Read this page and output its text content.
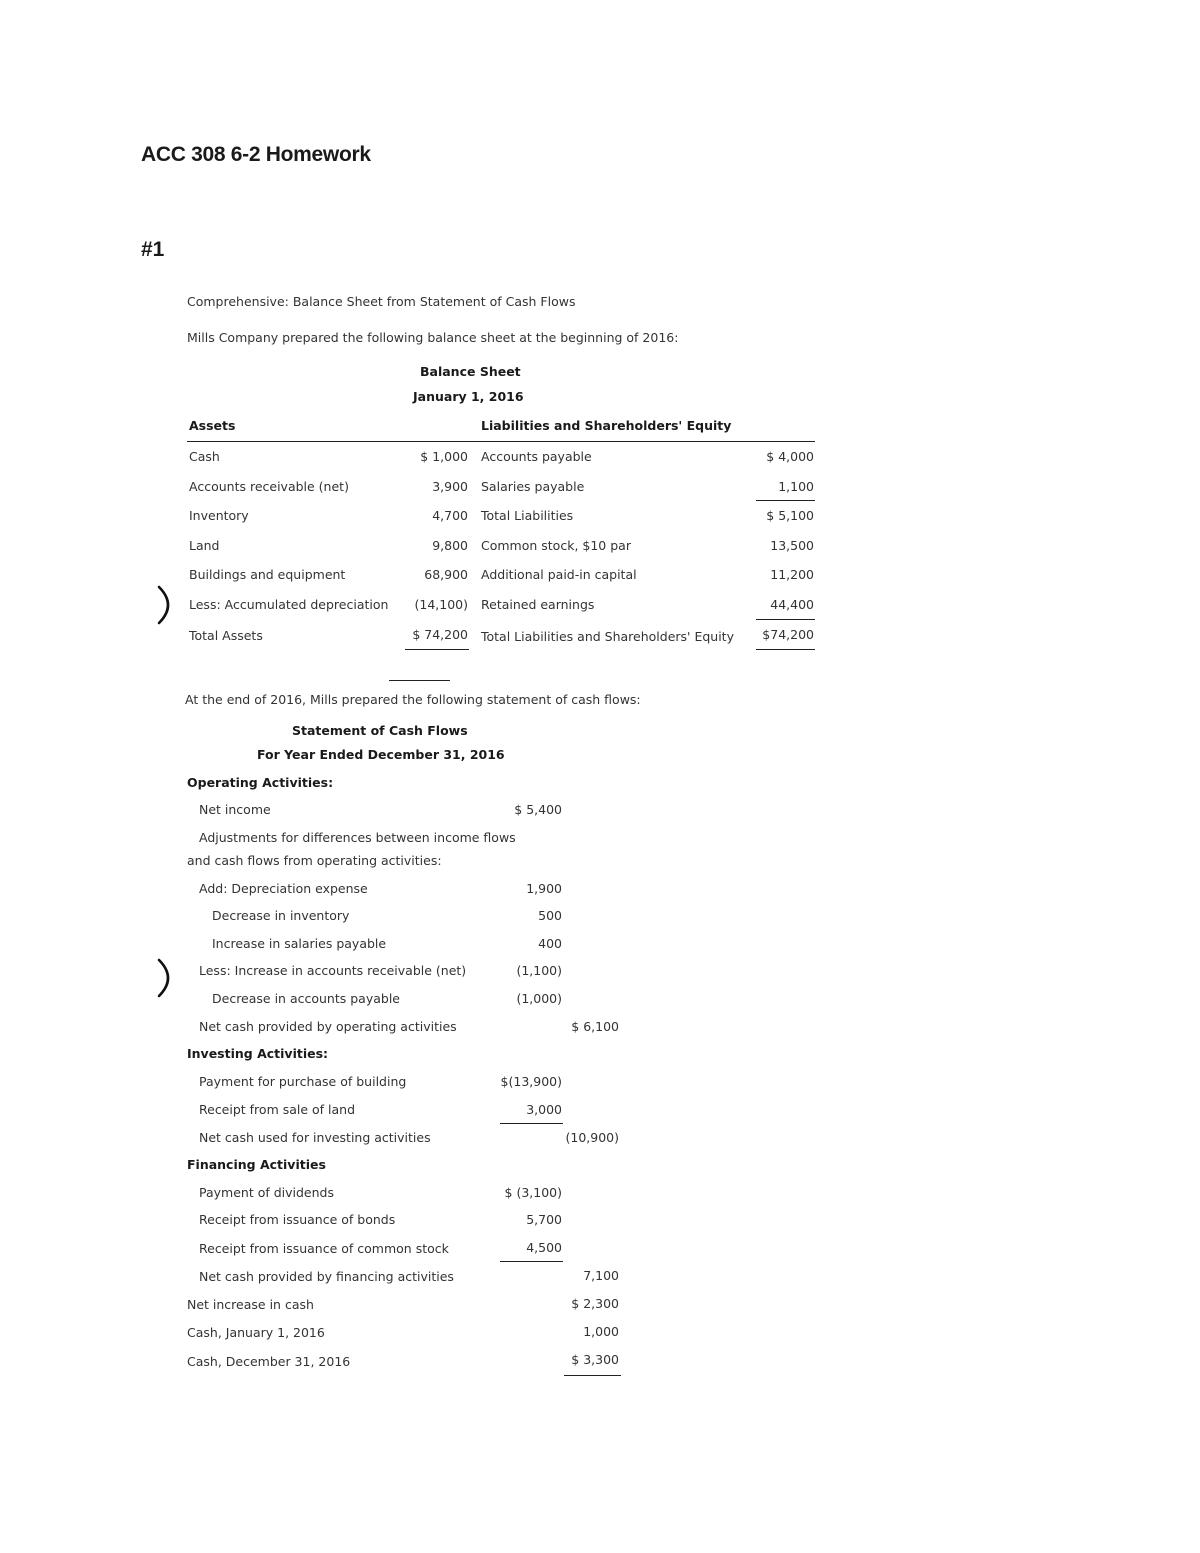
ACC 308 6-2 Homework
#1
Comprehensive: Balance Sheet from Statement of Cash Flows
Mills Company prepared the following balance sheet at the beginning of 2016:
Balance Sheet
January 1, 2016
Assets	Liabilities and Shareholders' Equity
Cash	$ 1,000 Accounts payable	$ 4,000
Accounts receivable (net)	3,900 Salaries payable	1,100
Inventory	4,700 Total Liabilities	$ 5,100
Land	9,800 Common stock, $10 par	13,500
Buildings and equipment	68,900 Additional paid-in capital	11,200
Less: Accumulated depreciation	(14,100) Retained earnings	44,400
Total Assets	$ 74,200 Total Liabilities and Shareholders' Equity	$74,200
At the end of 2016, Mills prepared the following statement of cash flows:
Statement of Cash Flows
For Year Ended December 31, 2016
Operating Activities:
Net income	$ 5,400
Adjustments for differences between income flows
and cash flows from operating activities:
Add: Depreciation expense	1,900
Decrease in inventory	500
Increase in salaries payable	400
Less: Increase in accounts receivable (net)	(1,100)
Decrease in accounts payable	(1,000)
Net cash provided by operating activities	$ 6,100
Investing Activities:
Payment for purchase of building	$(13,900)
Receipt from sale of land	3,000
Net cash used for investing activities	(10,900)
Financing Activities
Payment of dividends	$ (3,100)
Receipt from issuance of bonds	5,700
Receipt from issuance of common stock	4,500
Net cash provided by financing activities	7,100
Net increase in cash	$ 2,300
Cash, January 1, 2016	1,000
Cash, December 31, 2016	$ 3,300
